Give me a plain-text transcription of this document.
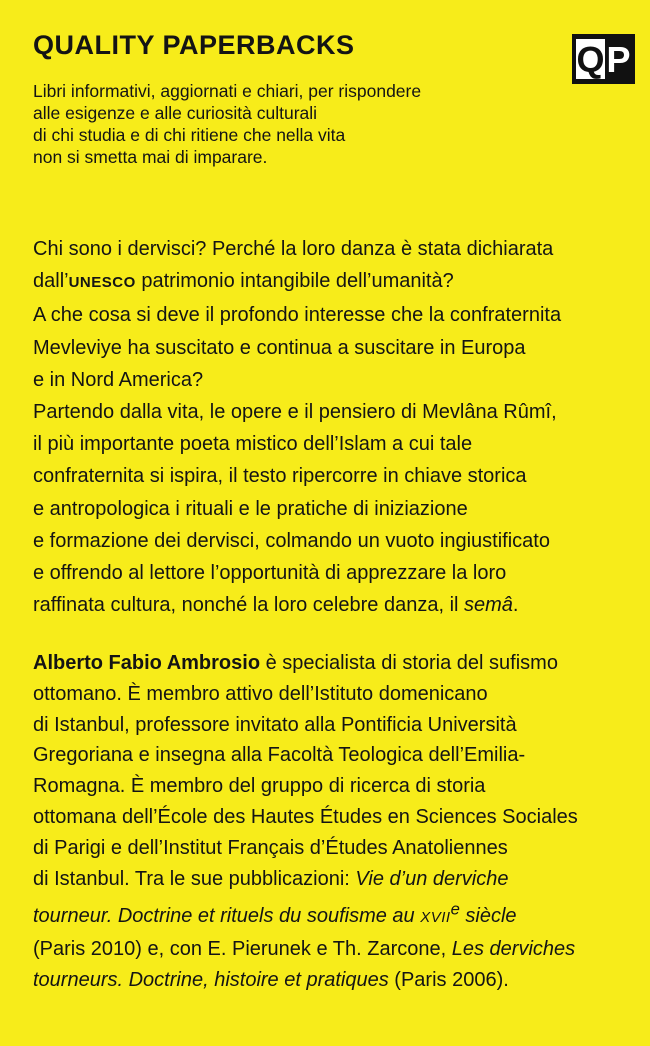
QUALITY PAPERBACKS	Q P
Libri informativi, aggiornati e chiari, per rispondere
alle esigenze e alle curiosità culturali
di chi studia e di chi ritiene che nella vita
non si smetta mai di imparare.
Chi sono i dervisci? Perché la loro danza è stata dichiarata
dall’UNESCO patrimonio intangibile dell’umanità?
A che cosa si deve il profondo interesse che la confraternita
Mevleviye ha suscitato e continua a suscitare in Europa
e in Nord America?
Partendo dalla vita, le opere e il pensiero di Mevlâna Rûmî,
il più importante poeta mistico dell’Islam a cui tale
confraternita si ispira, il testo ripercorre in chiave storica
e antropologica i rituali e le pratiche di iniziazione
e formazione dei dervisci, colmando un vuoto ingiustificato
e offrendo al lettore l’opportunità di apprezzare la loro
raffinata cultura, nonché la loro celebre danza, il semâ.
Alberto Fabio Ambrosio è specialista di storia del sufismo
ottomano. È membro attivo dell’Istituto domenicano
di Istanbul, professore invitato alla Pontificia Università
Gregoriana e insegna alla Facoltà Teologica dell’Emilia-
Romagna. È membro del gruppo di ricerca di storia
ottomana dell’École des Hautes Études en Sciences Sociales
di Parigi e dell’Institut Français d’Études Anatoliennes
di Istanbul. Tra le sue pubblicazioni: Vie d’un derviche
tourneur. Doctrine et rituels du soufisme au XVIIe siècle
(Paris 2010) e, con E. Pierunek e Th. Zarcone, Les derviches
tourneurs. Doctrine, histoire et pratiques (Paris 2006).
